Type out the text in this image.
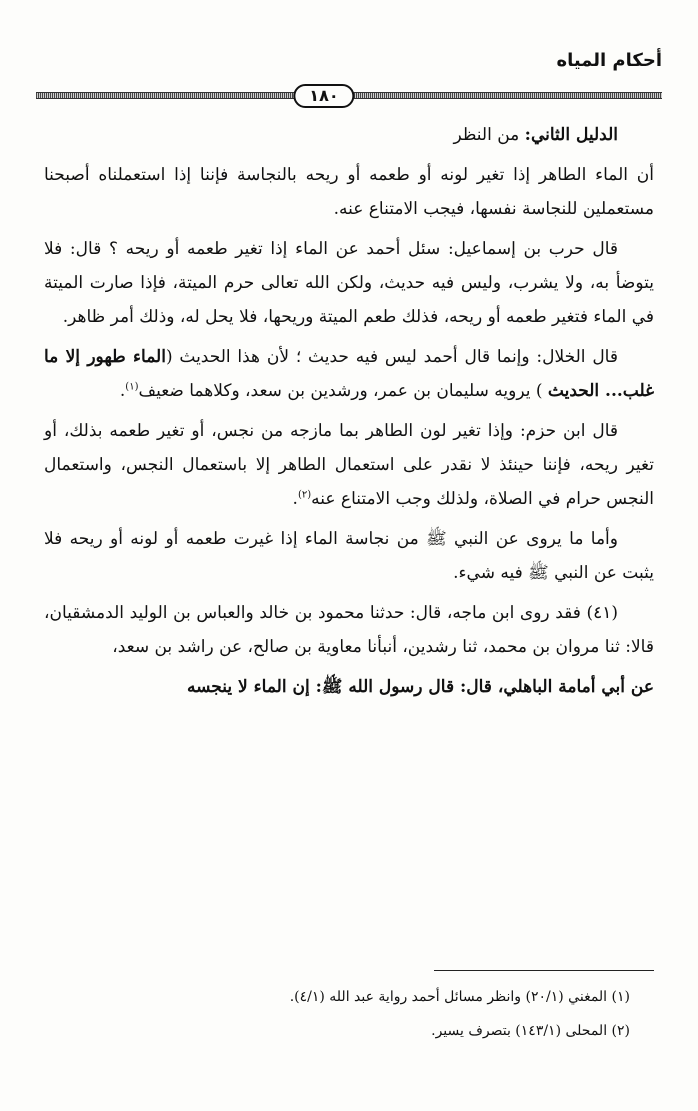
أحكام المياه
١٨٠

الدليل الثاني: من النظر

أن الماء الطاهر إذا تغير لونه أو طعمه أو ريحه بالنجاسة فإننا إذا استعملناه أصبحنا مستعملين للنجاسة نفسها، فيجب الامتناع عنه.

قال حرب بن إسماعيل: سئل أحمد عن الماء إذا تغير طعمه أو ريحه ؟ قال: فلا يتوضأ به، ولا يشرب، وليس فيه حديث، ولكن الله تعالى حرم الميتة، فإذا صارت الميتة في الماء فتغير طعمه أو ريحه، فذلك طعم الميتة وريحها، فلا يحل له، وذلك أمر ظاهر.

قال الخلال: وإنما قال أحمد ليس فيه حديث ؛ لأن هذا الحديث (الماء طهور إلا ما غلب... الحديث ) يرويه سليمان بن عمر، ورشدين بن سعد، وكلاهما ضعيف$^{(١)}$.

قال ابن حزم: وإذا تغير لون الطاهر بما مازجه من نجس، أو تغير طعمه بذلك، أو تغير ريحه، فإننا حينئذ لا نقدر على استعمال الطاهر إلا باستعمال النجس، واستعمال النجس حرام في الصلاة، ولذلك وجب الامتناع عنه$^{(٢)}$.

وأما ما يروى عن النبي ﷺ من نجاسة الماء إذا غيرت طعمه أو لونه أو ريحه فلا يثبت عن النبي ﷺ فيه شيء.

(٤١) فقد روى ابن ماجه، قال: حدثنا محمود بن خالد والعباس بن الوليد الدمشقيان، قالا: ثنا مروان بن محمد، ثنا رشدين، أنبأنا معاوية بن صالح، عن راشد بن سعد،

عن أبي أمامة الباهلي، قال: قال رسول الله ﷺ: إن الماء لا ينجسه

(١) المغني (٢٠/١) وانظر مسائل أحمد رواية عبد الله (٤/١).
(٢) المحلى (١٤٣/١) بتصرف يسير.
